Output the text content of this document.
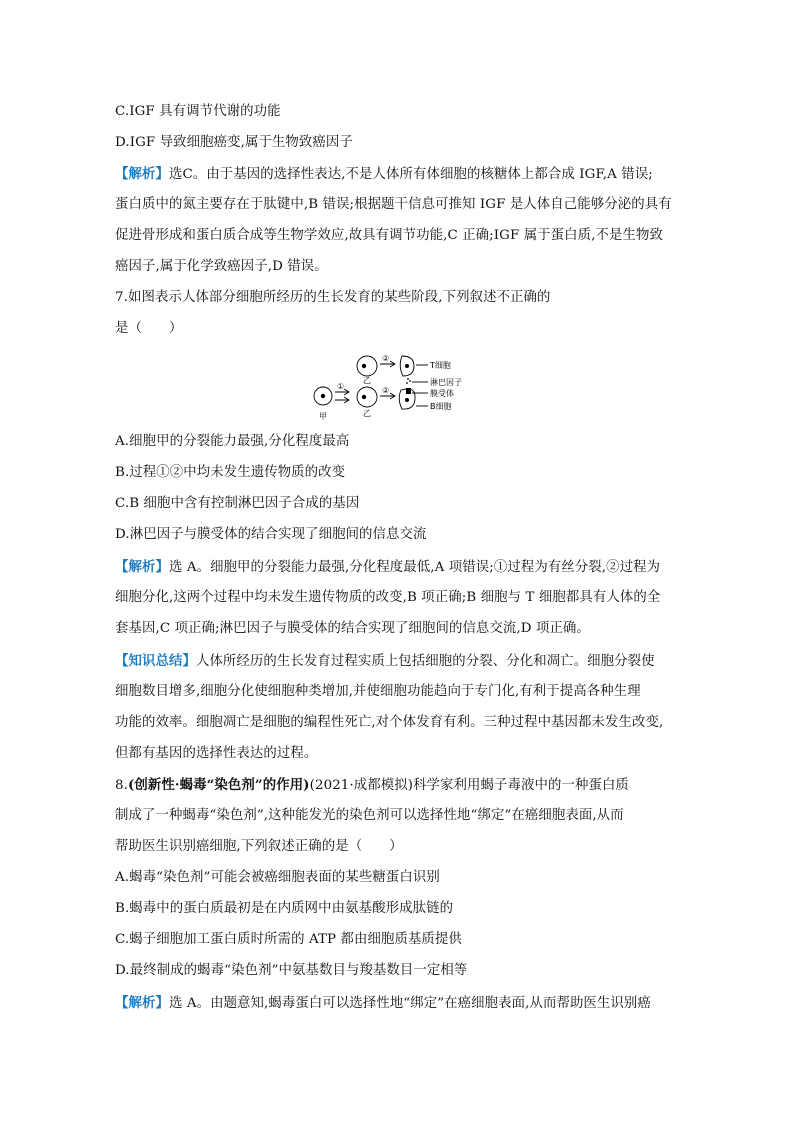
C.IGF 具有调节代谢的功能
D.IGF 导致细胞癌变,属于生物致癌因子
【解析】选C。由于基因的选择性表达,不是人体所有体细胞的核糖体上都合成 IGF,A 错误;
蛋白质中的氮主要存在于肽键中,B 错误;根据题干信息可推知 IGF 是人体自己能够分泌的具有
促进骨形成和蛋白质合成等生物学效应,故具有调节功能,C 正确;IGF 属于蛋白质,不是生物致
癌因子,属于化学致癌因子,D 错误。
7.如图表示人体部分细胞所经历的生长发育的某些阶段,下列叙述不正确的
是（　　）
甲
乙
乙
①
②
②
T细胞
淋巴因子
膜受体
B细胞
A.细胞甲的分裂能力最强,分化程度最高
B.过程①②中均未发生遗传物质的改变
C.B 细胞中含有控制淋巴因子合成的基因
D.淋巴因子与膜受体的结合实现了细胞间的信息交流
【解析】选 A。细胞甲的分裂能力最强,分化程度最低,A 项错误;①过程为有丝分裂,②过程为
细胞分化,这两个过程中均未发生遗传物质的改变,B 项正确;B 细胞与 T 细胞都具有人体的全
套基因,C 项正确;淋巴因子与膜受体的结合实现了细胞间的信息交流,D 项正确。
【知识总结】人体所经历的生长发育过程实质上包括细胞的分裂、分化和凋亡。细胞分裂使
细胞数目增多,细胞分化使细胞种类增加,并使细胞功能趋向于专门化,有利于提高各种生理
功能的效率。细胞凋亡是细胞的编程性死亡,对个体发育有利。三种过程中基因都未发生改变,
但都有基因的选择性表达的过程。
8.(创新性·蝎毒“染色剂”的作用)(2021·成都模拟)科学家利用蝎子毒液中的一种蛋白质
制成了一种蝎毒“染色剂”,这种能发光的染色剂可以选择性地“绑定”在癌细胞表面,从而
帮助医生识别癌细胞,下列叙述正确的是（　　）
A.蝎毒“染色剂”可能会被癌细胞表面的某些糖蛋白识别
B.蝎毒中的蛋白质最初是在内质网中由氨基酸形成肽链的
C.蝎子细胞加工蛋白质时所需的 ATP 都由细胞质基质提供
D.最终制成的蝎毒“染色剂”中氨基数目与羧基数目一定相等
【解析】选 A。由题意知,蝎毒蛋白可以选择性地“绑定”在癌细胞表面,从而帮助医生识别癌
